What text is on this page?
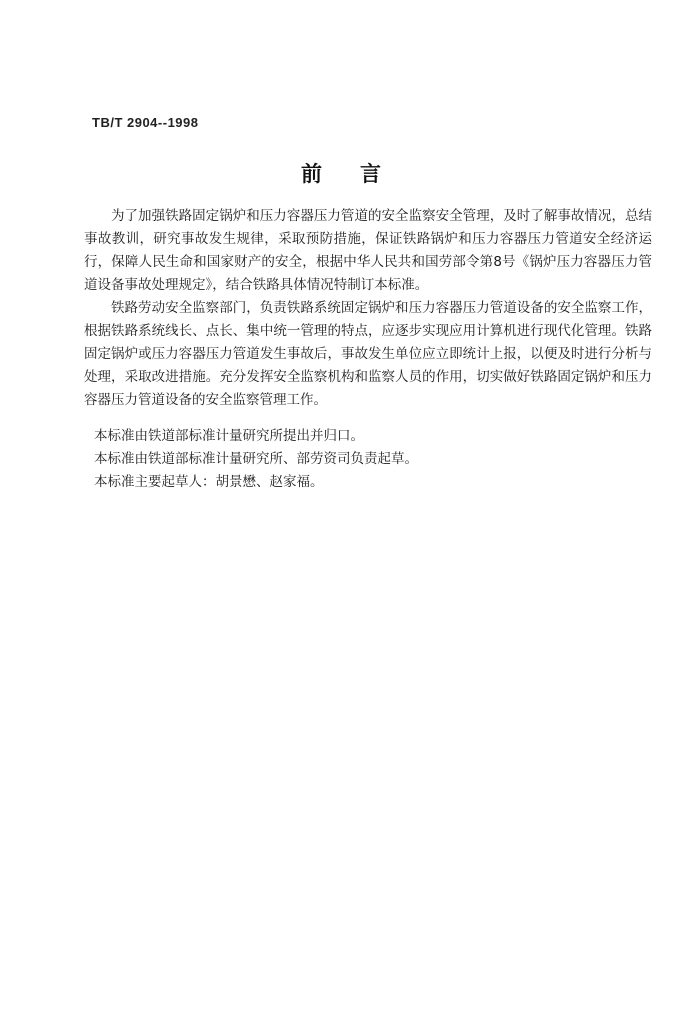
TB/T 2904--1998
前言

为了加强铁路固定锅炉和压力容器压力管道的安全监察安全管理，及时了解事故情况，总结事故教训，研究事故发生规律，采取预防措施，保证铁路锅炉和压力容器压力管道安全经济运行，保障人民生命和国家财产的安全，根据中华人民共和国劳部令第8号《锅炉压力容器压力管道设备事故处理规定》，结合铁路具体情况特制订本标准。

铁路劳动安全监察部门，负责铁路系统固定锅炉和压力容器压力管道设备的安全监察工作，根据铁路系统线长、点长、集中统一管理的特点，应逐步实现应用计算机进行现代化管理。铁路固定锅炉或压力容器压力管道发生事故后，事故发生单位应立即统计上报，以便及时进行分析与处理，采取改进措施。充分发挥安全监察机构和监察人员的作用，切实做好铁路固定锅炉和压力容器压力管道设备的安全监察管理工作。

本标准由铁道部标准计量研究所提出并归口。

本标准由铁道部标准计量研究所、部劳资司负责起草。

本标准主要起草人：胡景懋、赵家福。
